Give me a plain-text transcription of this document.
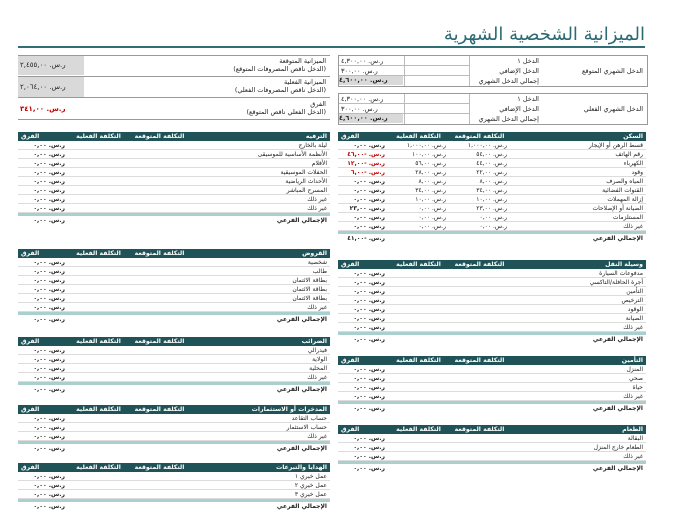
الميزانية الشخصية الشهرية
الدخل الشهري المتوقع
الدخل ١
ر.س. ٤,٣٠٠,٠٠
الدخل الإضافي
ر.س. ٣٠٠,٠٠
إجمالي الدخل الشهري
ر.س. ٤,٦٠٠,٠٠
الدخل الشهري الفعلي
الدخل ١
ر.س. ٤,٣٠٠,٠٠
الدخل الإضافي
ر.س. ٣٠٠,٠٠
إجمالي الدخل الشهري
ر.س. ٤,٦٠٠,٠٠
ر.س. ٢,٤٥٥,٠٠	الميزانية المتوقعة
(الدخل ناقص المصروفات المتوقع)
ر.س. ٢,٠٦٤,٠٠
الميزانية الفعلية
(الدخل ناقص المصروفات الفعلي)
ر.س. ٣٤١,٠٠
الفرق
(الدخل الفعلي ناقص المتوقع)
السكن	التكلفة المتوقعة	التكلفة الفعلية	الفرق
قسط الرهن أو الإيجار	ر.س. ١,٠٠٠,٠٠	ر.س. ١,٠٠٠,٠٠	ر.س. ٠,٠٠
رقم الهاتف	ر.س. ٥٤,٠٠	ر.س. ١٠٠,٠٠	ر.س. -٤٦,٠٠
الكهرباء	ر.س. ٤٤,٠٠	ر.س. ٥٦,٠٠	ر.س. -١٢,٠٠
وقود	ر.س. ٢٢,٠٠	ر.س. ٢٨,٠٠	ر.س. -٦,٠٠
المياه والصرف	ر.س. ٨,٠٠	ر.س. ٨,٠٠	ر.س. ٠,٠٠
القنوات الفضائية	ر.س. ٣٤,٠٠	ر.س. ٣٤,٠٠	ر.س. ٠,٠٠
إزالة المهملات	ر.س. ١٠,٠٠	ر.س. ١٠,٠٠	ر.س. ٠,٠٠
الصيانة أو الإصلاحات	ر.س. ٢٣,٠٠	ر.س. ٠,٠٠	ر.س. ٢٣,٠٠
المستلزمات	ر.س. ٠,٠٠	ر.س. ٠,٠٠	ر.س. ٠,٠٠
غير ذلك	ر.س. ٠,٠٠	ر.س. ٠,٠٠	ر.س. ٠,٠٠

الإجمالي الفرعي			ر.س. -٤١,٠٠
وسيلة النقل	التكلفة المتوقعة	التكلفة الفعلية	الفرق
مدفوعات السيارة			ر.س. ٠,٠٠
أجرة الحافلة/التاكسي			ر.س. ٠,٠٠
التأمين			ر.س. ٠,٠٠
الترخيص			ر.س. ٠,٠٠
الوقود			ر.س. ٠,٠٠
الصيانة			ر.س. ٠,٠٠
غير ذلك			ر.س. ٠,٠٠

الإجمالي الفرعي			ر.س. ٠,٠٠
التأمين	التكلفة المتوقعة	التكلفة الفعلية	الفرق
المنزل			ر.س. ٠,٠٠
صحي			ر.س. ٠,٠٠
حياة			ر.س. ٠,٠٠
غير ذلك			ر.س. ٠,٠٠

الإجمالي الفرعي			ر.س. ٠,٠٠
الطعام	التكلفة المتوقعة	التكلفة الفعلية	الفرق
البقالة			ر.س. ٠,٠٠
الطعام خارج المنزل			ر.س. ٠,٠٠
غير ذلك			ر.س. ٠,٠٠

الإجمالي الفرعي			ر.س. ٠,٠٠
الترفيه	التكلفة المتوقعة	التكلفة الفعلية	الفرق
ليلة بالخارج			ر.س. ٠,٠٠
الأنظمة الأساسية للموسيقى			ر.س. ٠,٠٠
الأفلام			ر.س. ٠,٠٠
الحفلات الموسيقية			ر.س. ٠,٠٠
الأحداث الرياضية			ر.س. ٠,٠٠
المسرح المباشر			ر.س. ٠,٠٠
غير ذلك			ر.س. ٠,٠٠
غير ذلك			ر.س. ٠,٠٠

الإجمالي الفرعي			ر.س. ٠,٠٠
القروض	التكلفة المتوقعة	التكلفة الفعلية	الفرق
شخصية			ر.س. ٠,٠٠
طالب			ر.س. ٠,٠٠
بطاقة الائتمان			ر.س. ٠,٠٠
بطاقة الائتمان			ر.س. ٠,٠٠
بطاقة الائتمان			ر.س. ٠,٠٠
غير ذلك			ر.س. ٠,٠٠

الإجمالي الفرعي			ر.س. ٠,٠٠
الضرائب	التكلفة المتوقعة	التكلفة الفعلية	الفرق
فيدرالي			ر.س. ٠,٠٠
الولاية			ر.س. ٠,٠٠
المحلية			ر.س. ٠,٠٠
غير ذلك			ر.س. ٠,٠٠

الإجمالي الفرعي			ر.س. ٠,٠٠
المدخرات أو الاستثمارات	التكلفة المتوقعة	التكلفة الفعلية	الفرق
حساب التقاعد			ر.س. ٠,٠٠
حساب الاستثمار			ر.س. ٠,٠٠
غير ذلك			ر.س. ٠,٠٠

الإجمالي الفرعي			ر.س. ٠,٠٠
الهدايا والتبرعات	التكلفة المتوقعة	التكلفة الفعلية	الفرق
عمل خيري ١			ر.س. ٠,٠٠
عمل خيري ٢			ر.س. ٠,٠٠
عمل خيري ٣			ر.س. ٠,٠٠

الإجمالي الفرعي			ر.س. ٠,٠٠
